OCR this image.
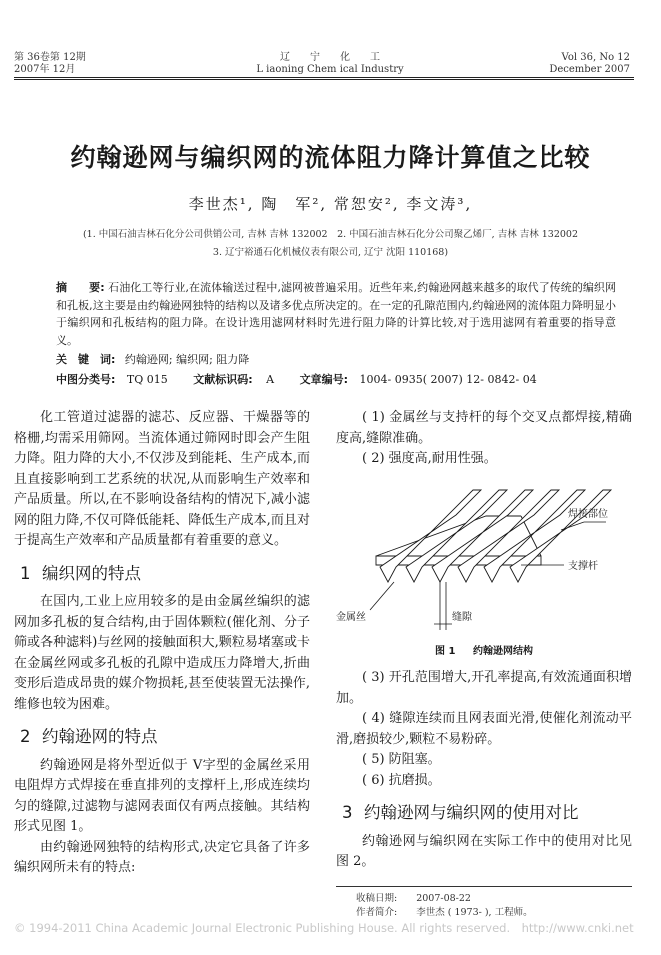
第 36卷第 12期
2007年 12月
辽　　宁　　化　　工
L iaoning Chem ical Industry
Vol 36, No 12
December 2007
约翰逊网与编织网的流体阻力降计算值之比较
李世杰¹, 陶　军², 常恕安², 李文涛³,
(1. 中国石油吉林石化分公司供销公司, 吉林 吉林 132002　2. 中国石油吉林石化分公司聚乙烯厂, 吉林 吉林 132002
3. 辽宁裕通石化机械仪表有限公司, 辽宁 沈阳 110168)
摘　　要: 石油化工等行业,在流体输送过程中,滤网被普遍采用。近些年来,约翰逊网越来越多的取代了传统的编织网和孔板,这主要是由约翰逊网独特的结构以及诸多优点所决定的。在一定的孔隙范围内,约翰逊网的流体阻力降明显小于编织网和孔板结构的阻力降。在设计选用滤网材料时先进行阻力降的计算比较,对于选用滤网有着重要的指导意义。
关　键　词: 约翰逊网; 编织网; 阻力降
中图分类号: TQ 015 文献标识码: A 文章编号: 1004- 0935( 2007) 12- 0842- 04

化工管道过滤器的滤芯、反应器、干燥器等的格栅,均需采用筛网。当流体通过筛网时即会产生阻力降。阻力降的大小,不仅涉及到能耗、生产成本,而且直接影响到工艺系统的状况,从而影响生产效率和产品质量。所以,在不影响设备结构的情况下,减小滤网的阻力降,不仅可降低能耗、降低生产成本,而且对于提高生产效率和产品质量都有着重要的意义。

1 编织网的特点

在国内,工业上应用较多的是由金属丝编织的滤网加多孔板的复合结构,由于固体颗粒(催化剂、分子筛或各种滤料)与丝网的接触面积大,颗粒易堵塞或卡在金属丝网或多孔板的孔隙中造成压力降增大,折曲变形后造成昂贵的媒介物损耗,甚至使装置无法操作,维修也较为困难。

2 约翰逊网的特点

约翰逊网是将外型近似于 V字型的金属丝采用电阻焊方式焊接在垂直排列的支撑杆上,形成连续均匀的缝隙,过滤物与滤网表面仅有两点接触。其结构形式见图 1。

由约翰逊网独特的结构形式,决定它具备了许多编织网所未有的特点:

( 1) 金属丝与支持杆的每个交叉点都焊接,精确度高,缝隙准确。

( 2) 强度高,耐用性强。

焊接部位
支撑杆
金属丝	缝隙
图 1 约翰逊网结构

( 3) 开孔范围增大,开孔率提高,有效流通面积增加。

( 4) 缝隙连续而且网表面光滑,使催化剂流动平滑,磨损较少,颗粒不易粉碎。

( 5) 防阻塞。

( 6) 抗磨损。

3 约翰逊网与编织网的使用对比

约翰逊网与编织网在实际工作中的使用对比见图 2。

收稿日期:　　2007-08-22
作者简介:　　李世杰 ( 1973- ), 工程师。
© 1994-2011 China Academic Journal Electronic Publishing House. All rights reserved.　http://www.cnki.net
